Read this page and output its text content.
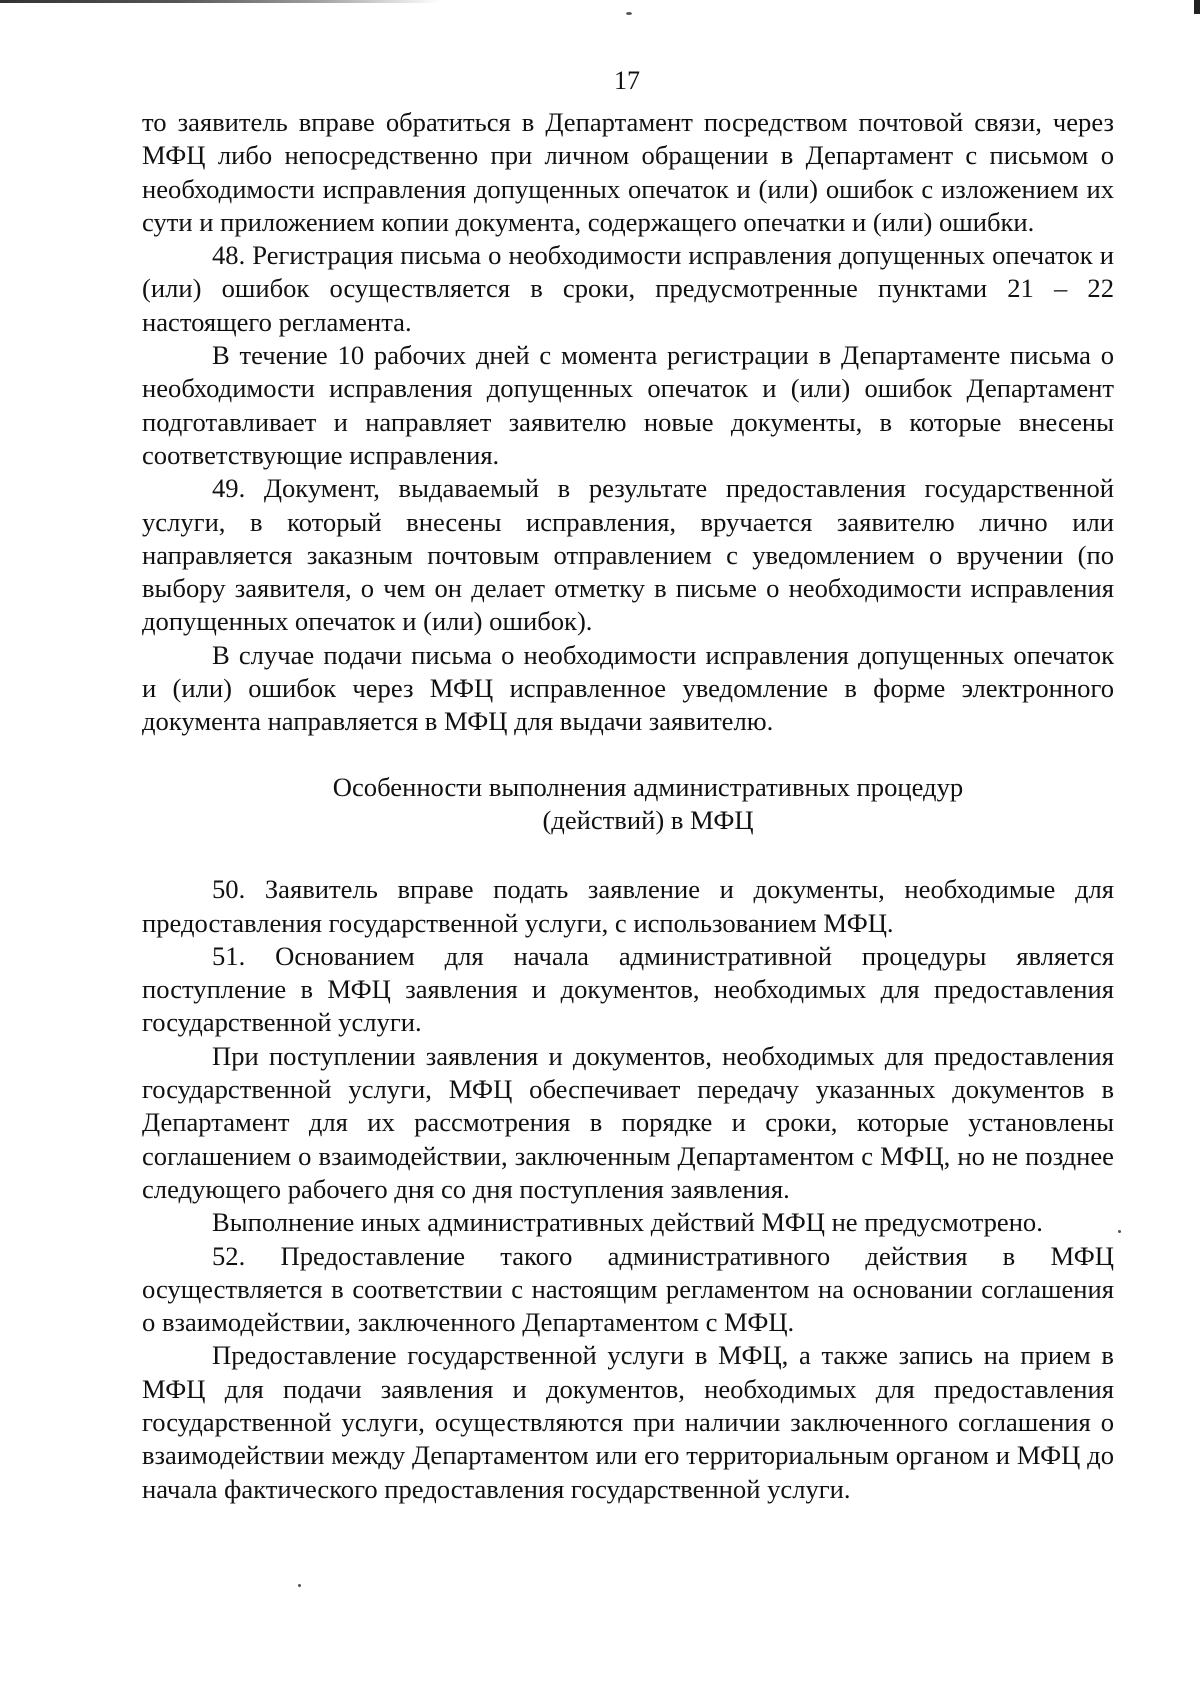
17

то заявитель вправе обратиться в Департамент посредством почтовой связи, через МФЦ либо непосредственно при личном обращении в Департамент с письмом о необходимости исправления допущенных опечаток и (или) ошибок с изложением их сути и приложением копии документа, содержащего опечатки и (или) ошибки.

48. Регистрация письма о необходимости исправления допущенных опечаток и (или) ошибок осуществляется в сроки, предусмотренные пунктами 21 – 22 настоящего регламента.

В течение 10 рабочих дней с момента регистрации в Департаменте письма о необходимости исправления допущенных опечаток и (или) ошибок Департамент подготавливает и направляет заявителю новые документы, в которые внесены соответствующие исправления.

49. Документ, выдаваемый в результате предоставления государственной услуги, в который внесены исправления, вручается заявителю лично или направляется заказным почтовым отправлением с уведомлением о вручении (по выбору заявителя, о чем он делает отметку в письме о необходимости исправления допущенных опечаток и (или) ошибок).

В случае подачи письма о необходимости исправления допущенных опечаток и (или) ошибок через МФЦ исправленное уведомление в форме электронного документа направляется в МФЦ для выдачи заявителю.

Особенности выполнения административных процедур
(действий) в МФЦ

50. Заявитель вправе подать заявление и документы, необходимые для предоставления государственной услуги, с использованием МФЦ.

51. Основанием для начала административной процедуры является поступление в МФЦ заявления и документов, необходимых для предоставления государственной услуги.

При поступлении заявления и документов, необходимых для предоставления государственной услуги, МФЦ обеспечивает передачу указанных документов в Департамент для их рассмотрения в порядке и сроки, которые установлены соглашением о взаимодействии, заключенным Департаментом с МФЦ, но не позднее следующего рабочего дня со дня поступления заявления.

Выполнение иных административных действий МФЦ не предусмотрено.

52. Предоставление такого административного действия в МФЦ осуществляется в соответствии с настоящим регламентом на основании соглашения о взаимодействии, заключенного Департаментом с МФЦ.

Предоставление государственной услуги в МФЦ, а также запись на прием в МФЦ для подачи заявления и документов, необходимых для предоставления государственной услуги, осуществляются при наличии заключенного соглашения о взаимодействии между Департаментом или его территориальным органом и МФЦ до начала фактического предоставления государственной услуги.
